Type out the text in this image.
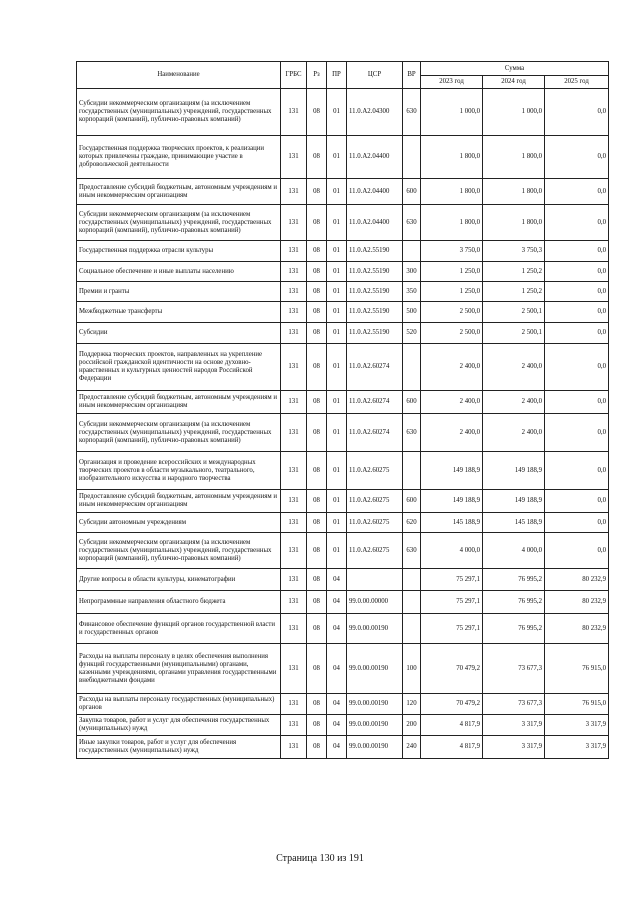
Наименование	ГРБС	Рз	ПР	ЦСР	ВР	Сумма		
						2023 год	2024 год	2025 год
Субсидии некоммерческим организациям (за исключением государственных (муниципальных) учреждений, государственных корпораций (компаний), публично-правовых компаний)	131	08	01	11.0.A2.04300	630	1 000,0	1 000,0	0,0
Государственная поддержка творческих проектов, к реализации которых привлечены граждане, принимающие участие в добровольческой деятельности	131	08	01	11.0.A2.04400		1 800,0	1 800,0	0,0
Предоставление субсидий бюджетным, автономным учреждениям и иным некоммерческим организациям	131	08	01	11.0.A2.04400	600	1 800,0	1 800,0	0,0
Субсидии некоммерческим организациям (за исключением государственных (муниципальных) учреждений, государственных корпораций (компаний), публично-правовых компаний)	131	08	01	11.0.A2.04400	630	1 800,0	1 800,0	0,0
Государственная поддержка отрасли культуры	131	08	01	11.0.A2.55190		3 750,0	3 750,3	0,0
Социальное обеспечение и иные выплаты населению	131	08	01	11.0.A2.55190	300	1 250,0	1 250,2	0,0
Премии и гранты	131	08	01	11.0.A2.55190	350	1 250,0	1 250,2	0,0
Межбюджетные трансферты	131	08	01	11.0.A2.55190	500	2 500,0	2 500,1	0,0
Субсидии	131	08	01	11.0.A2.55190	520	2 500,0	2 500,1	0,0
Поддержка творческих проектов, направленных на укрепление российской гражданской идентичности на основе духовно-нравственных и культурных ценностей народов Российской Федерации	131	08	01	11.0.A2.60274		2 400,0	2 400,0	0,0
Предоставление субсидий бюджетным, автономным учреждениям и иным некоммерческим организациям	131	08	01	11.0.A2.60274	600	2 400,0	2 400,0	0,0
Субсидии некоммерческим организациям (за исключением государственных (муниципальных) учреждений, государственных корпораций (компаний), публично-правовых компаний)	131	08	01	11.0.A2.60274	630	2 400,0	2 400,0	0,0
Организация и проведение всероссийских и международных творческих проектов в области музыкального, театрального, изобразительного искусства и народного творчества	131	08	01	11.0.A2.60275		149 188,9	149 188,9	0,0
Предоставление субсидий бюджетным, автономным учреждениям и иным некоммерческим организациям	131	08	01	11.0.A2.60275	600	149 188,9	149 188,9	0,0
Субсидии автономным учреждениям	131	08	01	11.0.A2.60275	620	145 188,9	145 188,9	0,0
Субсидии некоммерческим организациям (за исключением государственных (муниципальных) учреждений, государственных корпораций (компаний), публично-правовых компаний)	131	08	01	11.0.A2.60275	630	4 000,0	4 000,0	0,0
Другие вопросы в области культуры, кинематографии	131	08	04			75 297,1	76 995,2	80 232,9
Непрограммные направления областного бюджета	131	08	04	99.0.00.00000		75 297,1	76 995,2	80 232,9
Финансовое обеспечение функций органов государственной власти и государственных органов	131	08	04	99.0.00.00190		75 297,1	76 995,2	80 232,9
Расходы на выплаты персоналу в целях обеспечения выполнения функций государственными (муниципальными) органами, казенными учреждениями, органами управления государственными внебюджетными фондами	131	08	04	99.0.00.00190	100	70 479,2	73 677,3	76 915,0
Расходы на выплаты персоналу государственных (муниципальных) органов	131	08	04	99.0.00.00190	120	70 479,2	73 677,3	76 915,0
Закупка товаров, работ и услуг для обеспечения государственных (муниципальных) нужд	131	08	04	99.0.00.00190	200	4 817,9	3 317,9	3 317,9
Иные закупки товаров, работ и услуг для обеспечения государственных (муниципальных) нужд	131	08	04	99.0.00.00190	240	4 817,9	3 317,9	3 317,9
Страница 130 из 191
